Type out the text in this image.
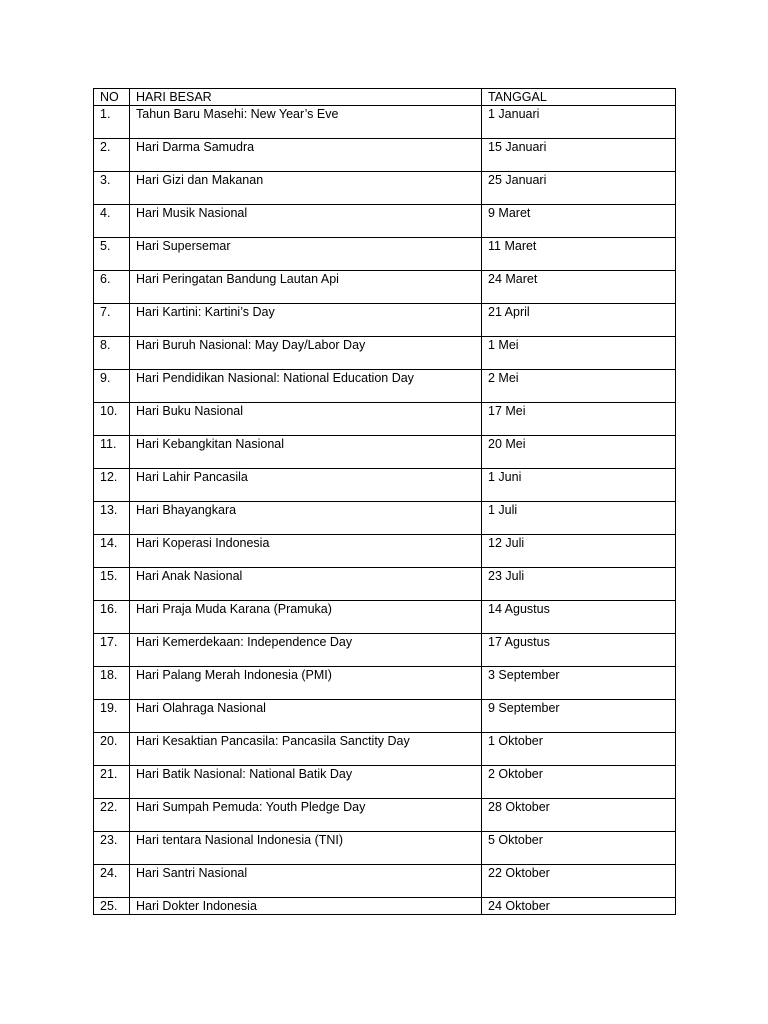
NO	HARI BESAR	TANGGAL
1.	Tahun Baru Masehi: New Year’s Eve	1 Januari
2.	Hari Darma Samudra	15 Januari
3.	Hari Gizi dan Makanan	25 Januari
4.	Hari Musik Nasional	9 Maret
5.	Hari Supersemar	11 Maret
6.	Hari Peringatan Bandung Lautan Api	24 Maret
7.	Hari Kartini: Kartini’s Day	21 April
8.	Hari Buruh Nasional: May Day/Labor Day	1 Mei
9.	Hari Pendidikan Nasional: National Education Day	2 Mei
10.	Hari Buku Nasional	17 Mei
11.	Hari Kebangkitan Nasional	20 Mei
12.	Hari Lahir Pancasila	1 Juni
13.	Hari Bhayangkara	1 Juli
14.	Hari Koperasi Indonesia	12 Juli
15.	Hari Anak Nasional	23 Juli
16.	Hari Praja Muda Karana (Pramuka)	14 Agustus
17.	Hari Kemerdekaan: Independence Day	17 Agustus
18.	Hari Palang Merah Indonesia (PMI)	3 September
19.	Hari Olahraga Nasional	9 September
20.	Hari Kesaktian Pancasila: Pancasila Sanctity Day	1 Oktober
21.	Hari Batik Nasional: National Batik Day	2 Oktober
22.	Hari Sumpah Pemuda: Youth Pledge Day	28 Oktober
23.	Hari tentara Nasional Indonesia (TNI)	5 Oktober
24.	Hari Santri Nasional	22 Oktober
25.	Hari Dokter Indonesia	24 Oktober
